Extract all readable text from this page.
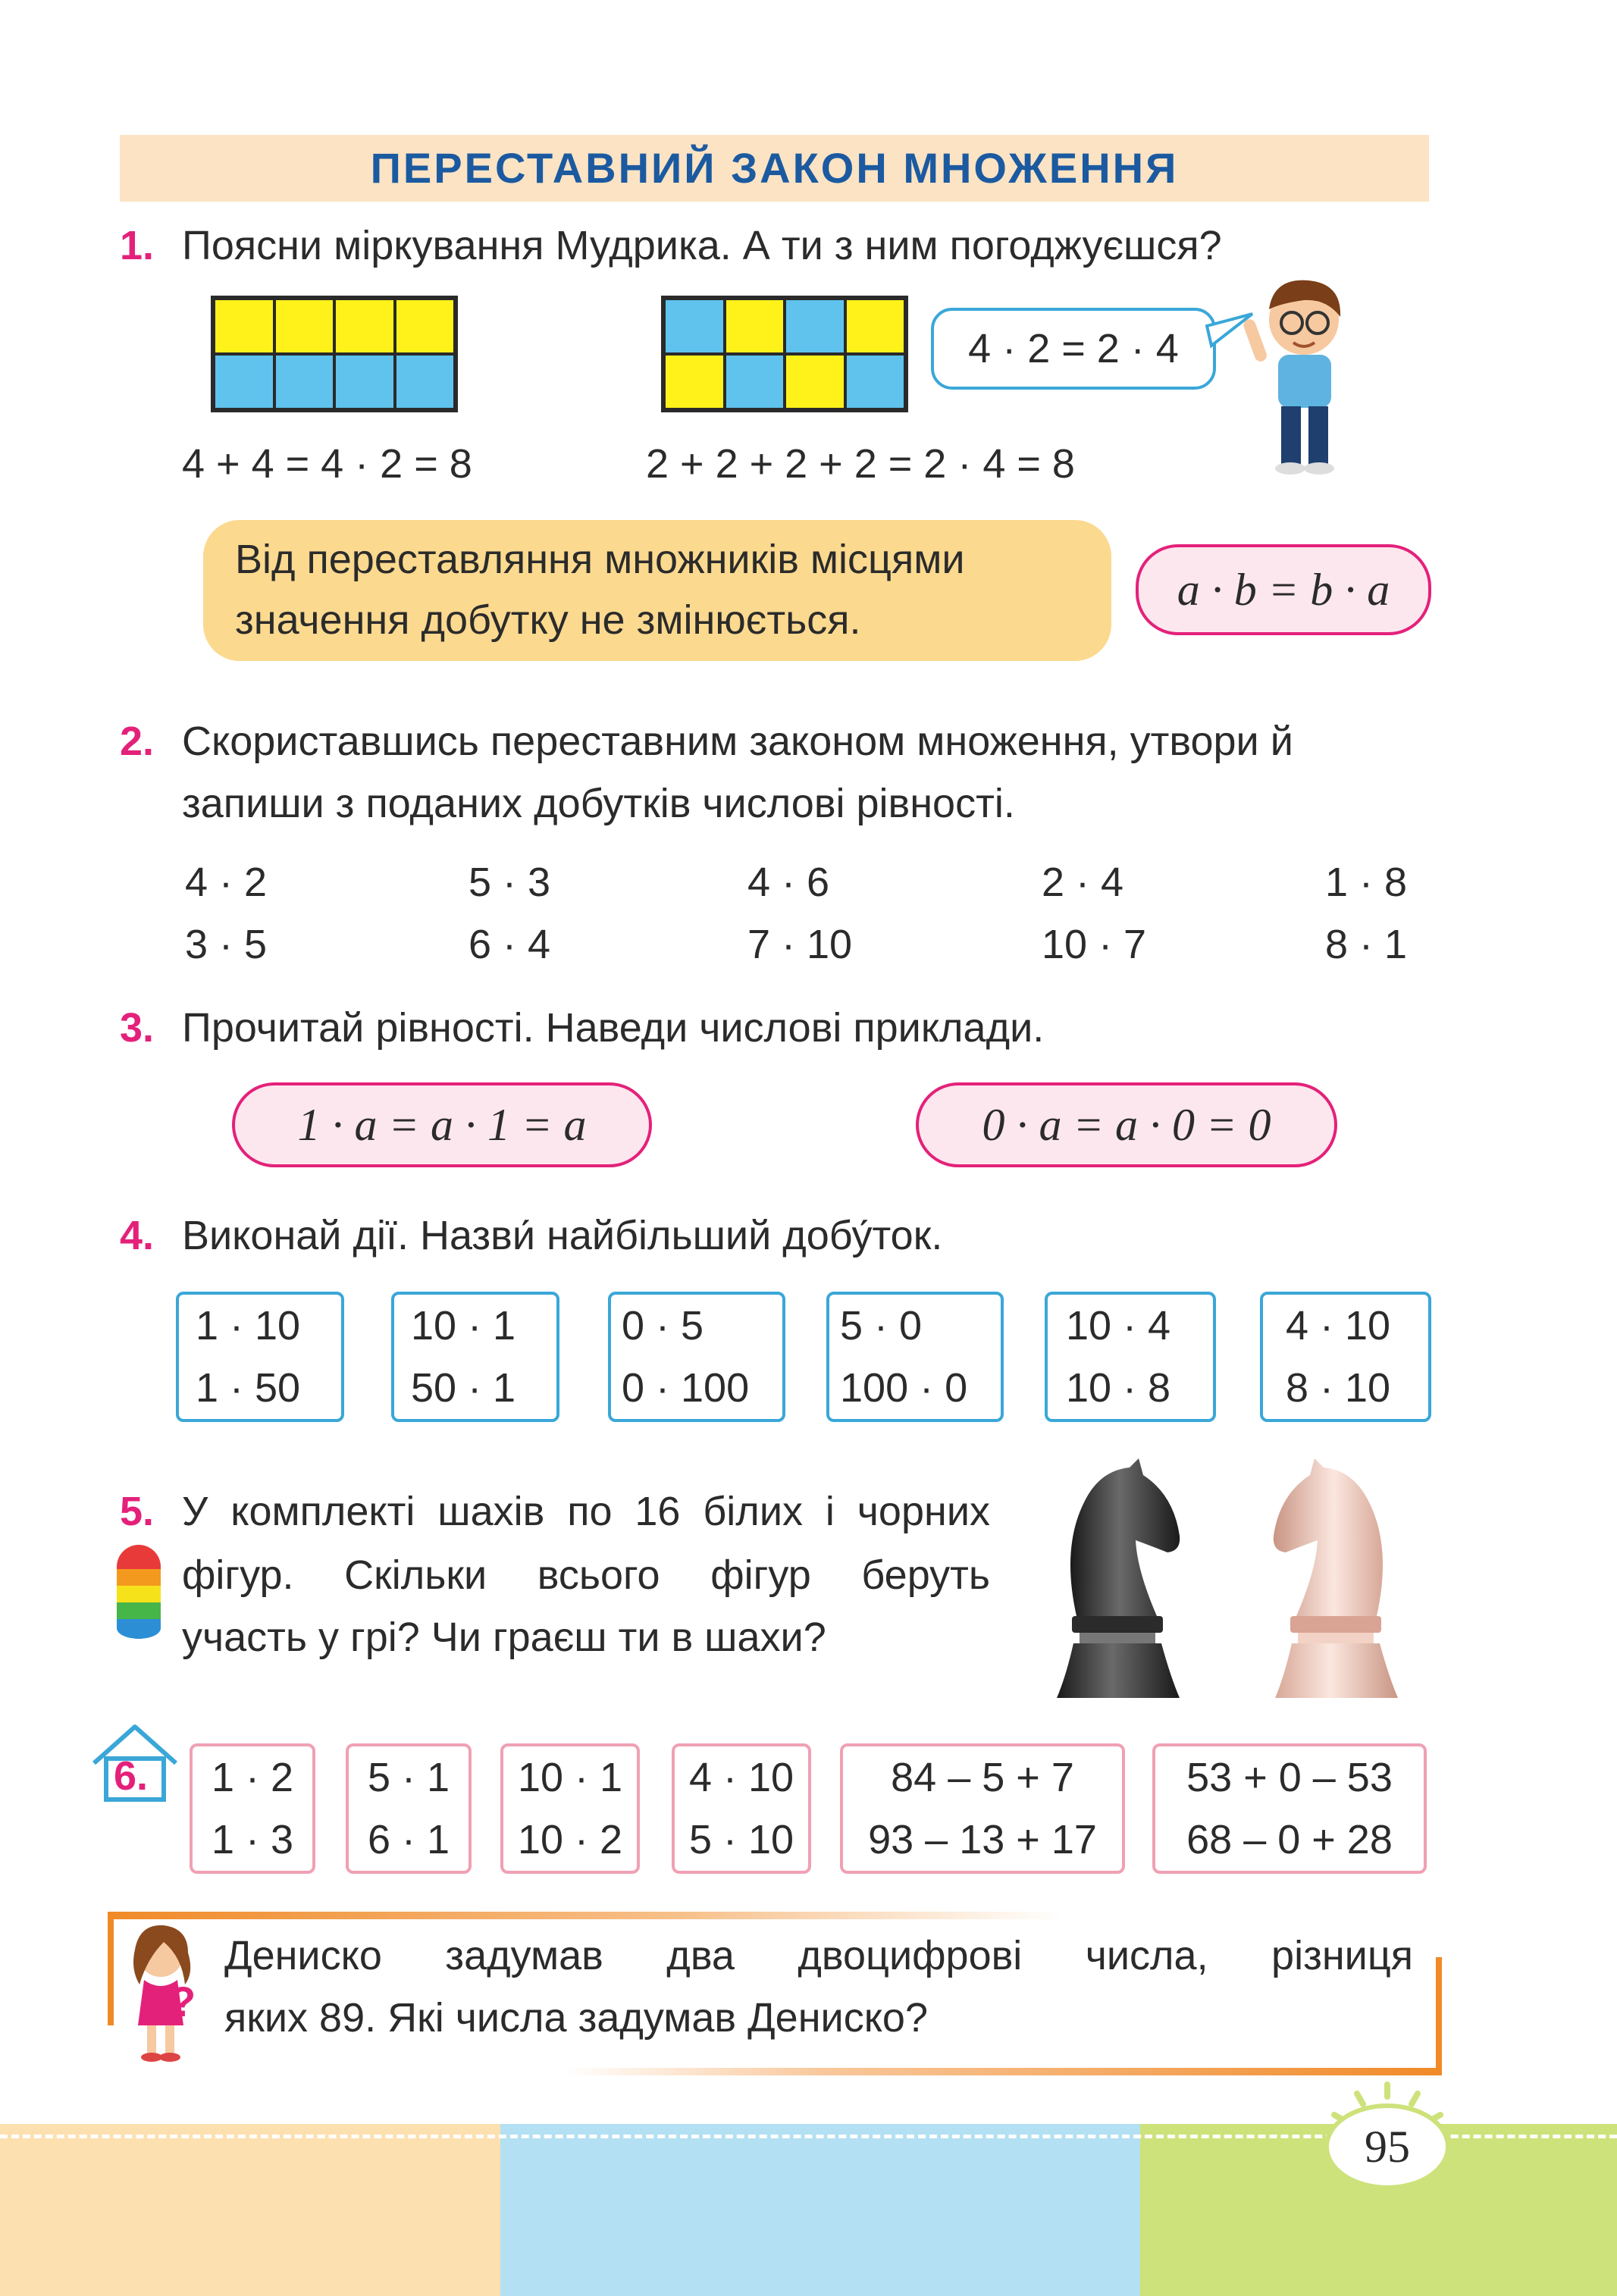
ПЕРЕСТАВНИЙ ЗАКОН МНОЖЕННЯ
1. Поясни міркування Мудрика. А ти з ним погоджуєшся?
4 · 2 = 2 · 4
4 + 4 = 4 · 2 = 8	2 + 2 + 2 + 2 = 2 · 4 = 8
Від переставляння множників місцями
значення добутку не змінюється.
a · b = b · a
2. Скориставшись переставним законом множення, утвори й
запиши з поданих добутків числові рівності.
4 · 2	5 · 3	4 · 6	2 · 4	1 · 8
3 · 5	6 · 4	7 · 10	10 · 7	8 · 1
3. Прочитай рівності. Наведи числові приклади.
1 · a = a · 1 = a	0 · a = a · 0 = 0
4. Виконай дії. Назви́ найбільший добу́ток.
1 · 10
1 · 50
10 · 1
50 · 1
0 · 5
0 · 100
5 · 0
100 · 0
10 · 4
10 · 8
4 · 10
8 · 10
5. У комплекті шахів по 16 білих і чорних
фігур. Скільки всього фігур беруть
участь у грі? Чи граєш ти в шахи?
6.	1 · 2
1 · 3
5 · 1
6 · 1
10 · 1
10 · 2
4 · 10
5 · 10
84 – 5 + 7
93 – 13 + 17
53 + 0 – 53
68 – 0 + 28
?
Дениско задумав два двоцифрові числа, різниця
яких 89. Які числа задумав Дениско?
95
